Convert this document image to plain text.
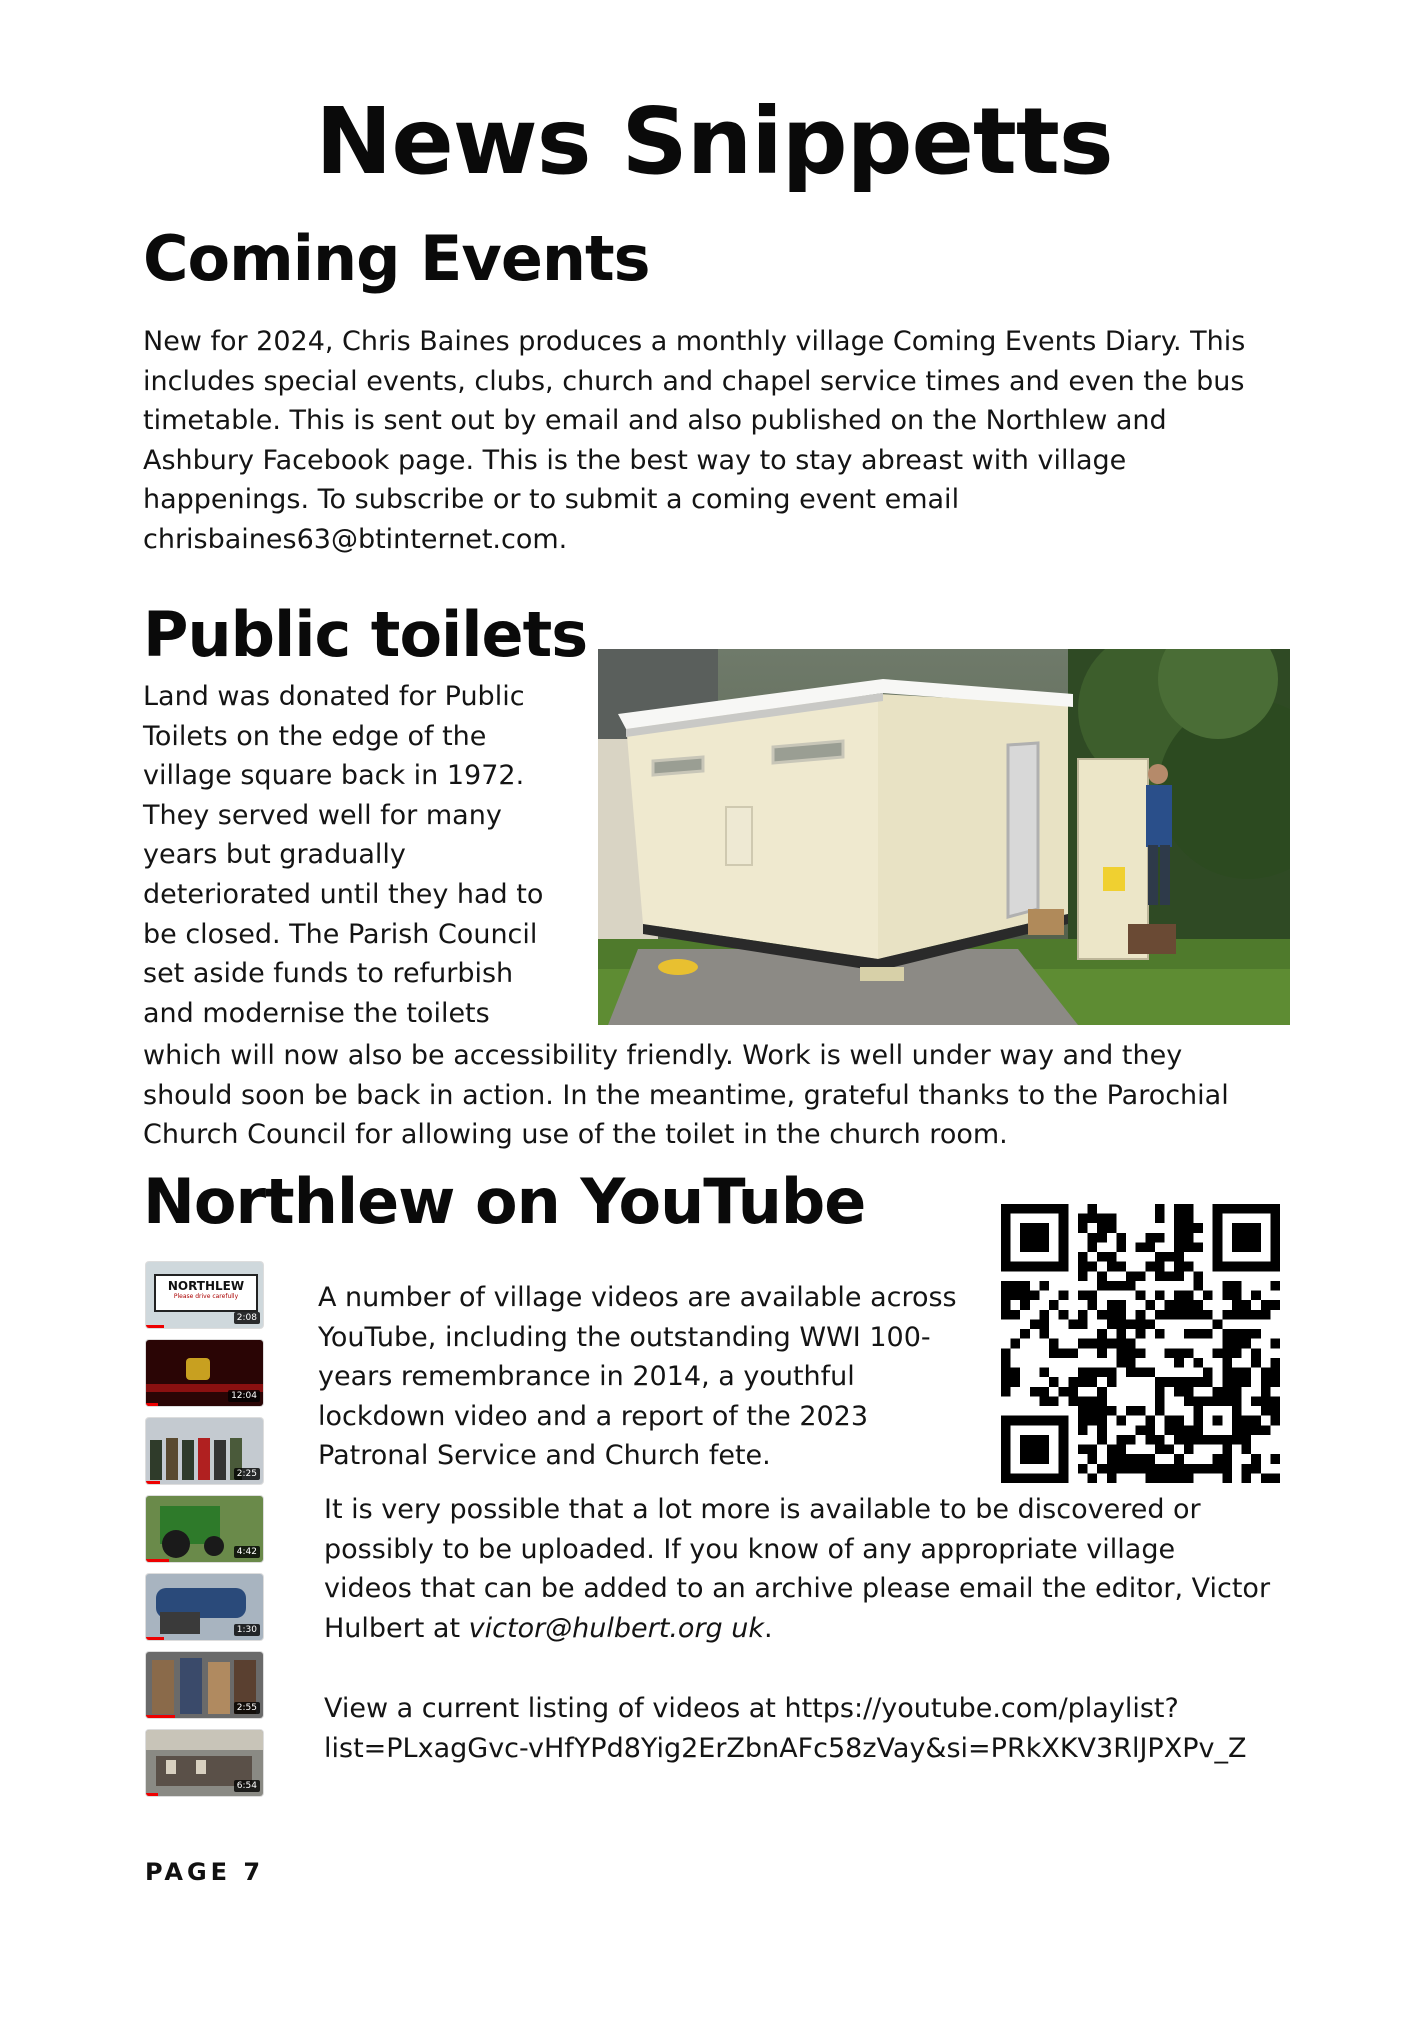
News Snippetts
Coming Events
New for 2024, Chris Baines produces a monthly village Coming Events Diary. This
includes special events, clubs, church and chapel service times and even the bus
timetable. This is sent out by email and also published on the Northlew and
Ashbury Facebook page. This is the best way to stay abreast with village
happenings. To subscribe or to submit a coming event email
chrisbaines63@btinternet.com.
Public toilets
Land was donated for Public
Toilets on the edge of the
village square back in 1972.
They served well for many
years but gradually
deteriorated until they had to
be closed. The Parish Council
set aside funds to refurbish
and modernise the toilets
which will now also be accessibility friendly. Work is well under way and they
should soon be back in action. In the meantime, grateful thanks to the Parochial
Church Council for allowing use of the toilet in the church room.
Northlew on YouTube
NORTHLEW
Please drive carefully
2:08
12:04
2:25
4:42
1:30
2:55
6:54
A number of village videos are available across
YouTube, including the outstanding WWI 100-
years remembrance in 2014, a youthful
lockdown video and a report of the 2023
Patronal Service and Church fete.
It is very possible that a lot more is available to be discovered or
possibly to be uploaded. If you know of any appropriate village
videos that can be added to an archive please email the editor, Victor
Hulbert at victor@hulbert.org uk.
View a current listing of videos at https://youtube.com/playlist?
list=PLxagGvc-vHfYPd8Yig2ErZbnAFc58zVay&si=PRkXKV3RlJPXPv_Z
PAGE 7
